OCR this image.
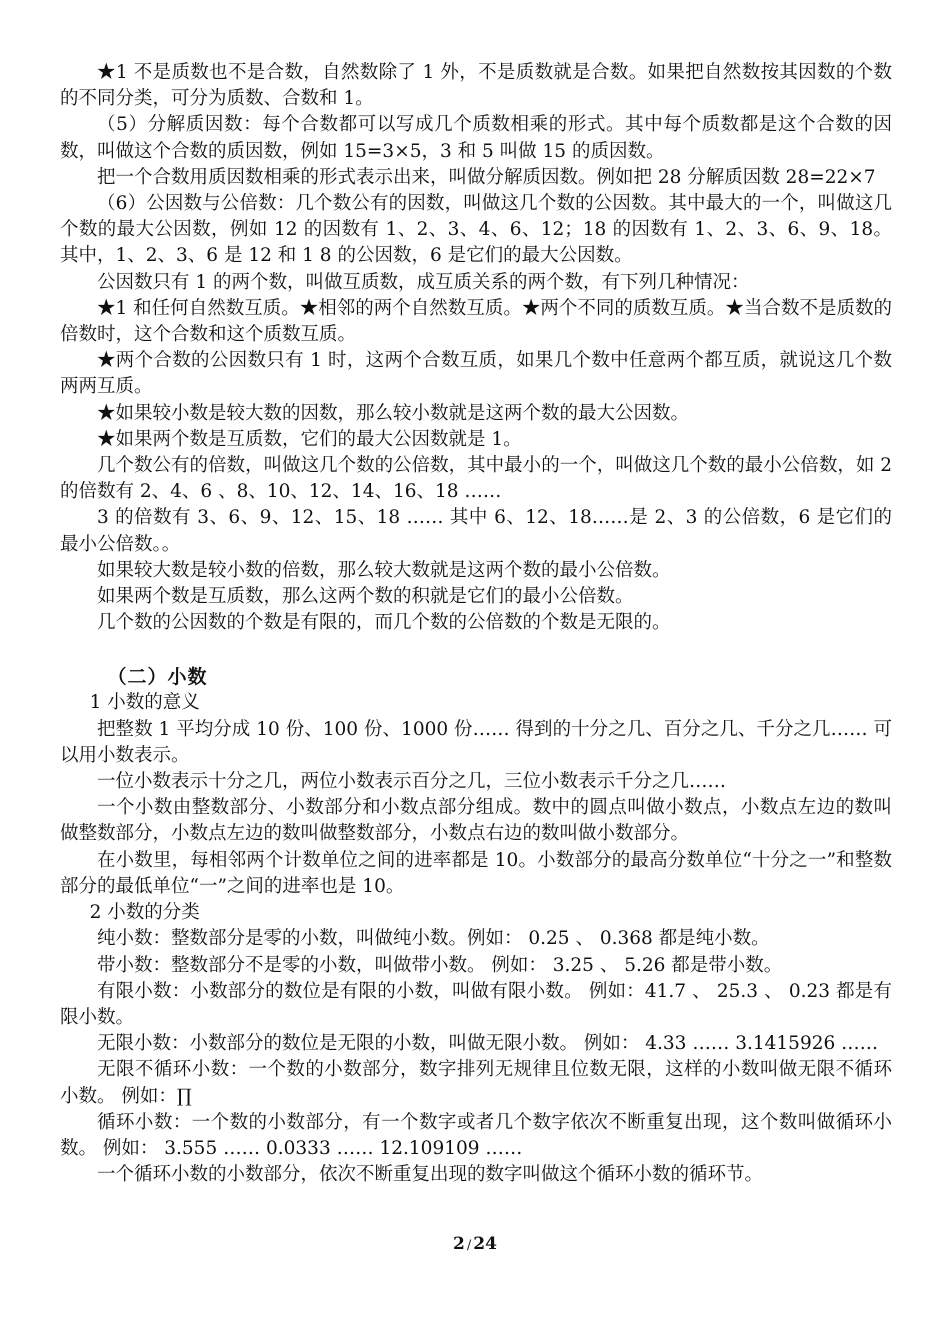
★1 不是质数也不是合数，自然数除了 1 外，不是质数就是合数。如果把自然数按其因数的个数的不同分类，可分为质数、合数和 1。

（5）分解质因数：每个合数都可以写成几个质数相乘的形式。其中每个质数都是这个合数的因数，叫做这个合数的质因数，例如 15=3×5，3 和 5 叫做 15 的质因数。

把一个合数用质因数相乘的形式表示出来，叫做分解质因数。例如把 28 分解质因数 28=22×7

（6）公因数与公倍数：几个数公有的因数，叫做这几个数的公因数。其中最大的一个，叫做这几个数的最大公因数，例如 12 的因数有 1、2、3、4、6、12；18 的因数有 1、2、3、6、9、18。其中，1、2、3、6 是 12 和 1 8 的公因数，6 是它们的最大公因数。

公因数只有 1 的两个数，叫做互质数，成互质关系的两个数，有下列几种情况：

★1 和任何自然数互质。★相邻的两个自然数互质。★两个不同的质数互质。★当合数不是质数的倍数时，这个合数和这个质数互质。

★两个合数的公因数只有 1 时，这两个合数互质，如果几个数中任意两个都互质，就说这几个数两两互质。

★如果较小数是较大数的因数，那么较小数就是这两个数的最大公因数。

★如果两个数是互质数，它们的最大公因数就是 1。

几个数公有的倍数，叫做这几个数的公倍数，其中最小的一个，叫做这几个数的最小公倍数，如 2 的倍数有 2、4、6 、8、10、12、14、16、18 ……

3 的倍数有 3、6、9、12、15、18 …… 其中 6、12、18……是 2、3 的公倍数，6 是它们的最小公倍数。。

如果较大数是较小数的倍数，那么较大数就是这两个数的最小公倍数。

如果两个数是互质数，那么这两个数的积就是它们的最小公倍数。

几个数的公因数的个数是有限的，而几个数的公倍数的个数是无限的。

（二）小数

1 小数的意义

把整数 1 平均分成 10 份、100 份、1000 份…… 得到的十分之几、百分之几、千分之几…… 可以用小数表示。

一位小数表示十分之几，两位小数表示百分之几，三位小数表示千分之几……

一个小数由整数部分、小数部分和小数点部分组成。数中的圆点叫做小数点，小数点左边的数叫做整数部分，小数点左边的数叫做整数部分，小数点右边的数叫做小数部分。

在小数里，每相邻两个计数单位之间的进率都是 10。小数部分的最高分数单位“十分之一”和整数部分的最低单位“一”之间的进率也是 10。

2 小数的分类

纯小数：整数部分是零的小数，叫做纯小数。例如： 0.25 、 0.368 都是纯小数。

带小数：整数部分不是零的小数，叫做带小数。 例如： 3.25 、 5.26 都是带小数。

有限小数：小数部分的数位是有限的小数，叫做有限小数。 例如：41.7 、 25.3 、 0.23 都是有限小数。

无限小数：小数部分的数位是无限的小数，叫做无限小数。 例如： 4.33 …… 3.1415926 ……

无限不循环小数：一个数的小数部分，数字排列无规律且位数无限，这样的小数叫做无限不循环小数。 例如：∏

循环小数：一个数的小数部分，有一个数字或者几个数字依次不断重复出现，这个数叫做循环小数。 例如： 3.555 …… 0.0333 …… 12.109109 ……

一个循环小数的小数部分，依次不断重复出现的数字叫做这个循环小数的循环节。

2 / 24
